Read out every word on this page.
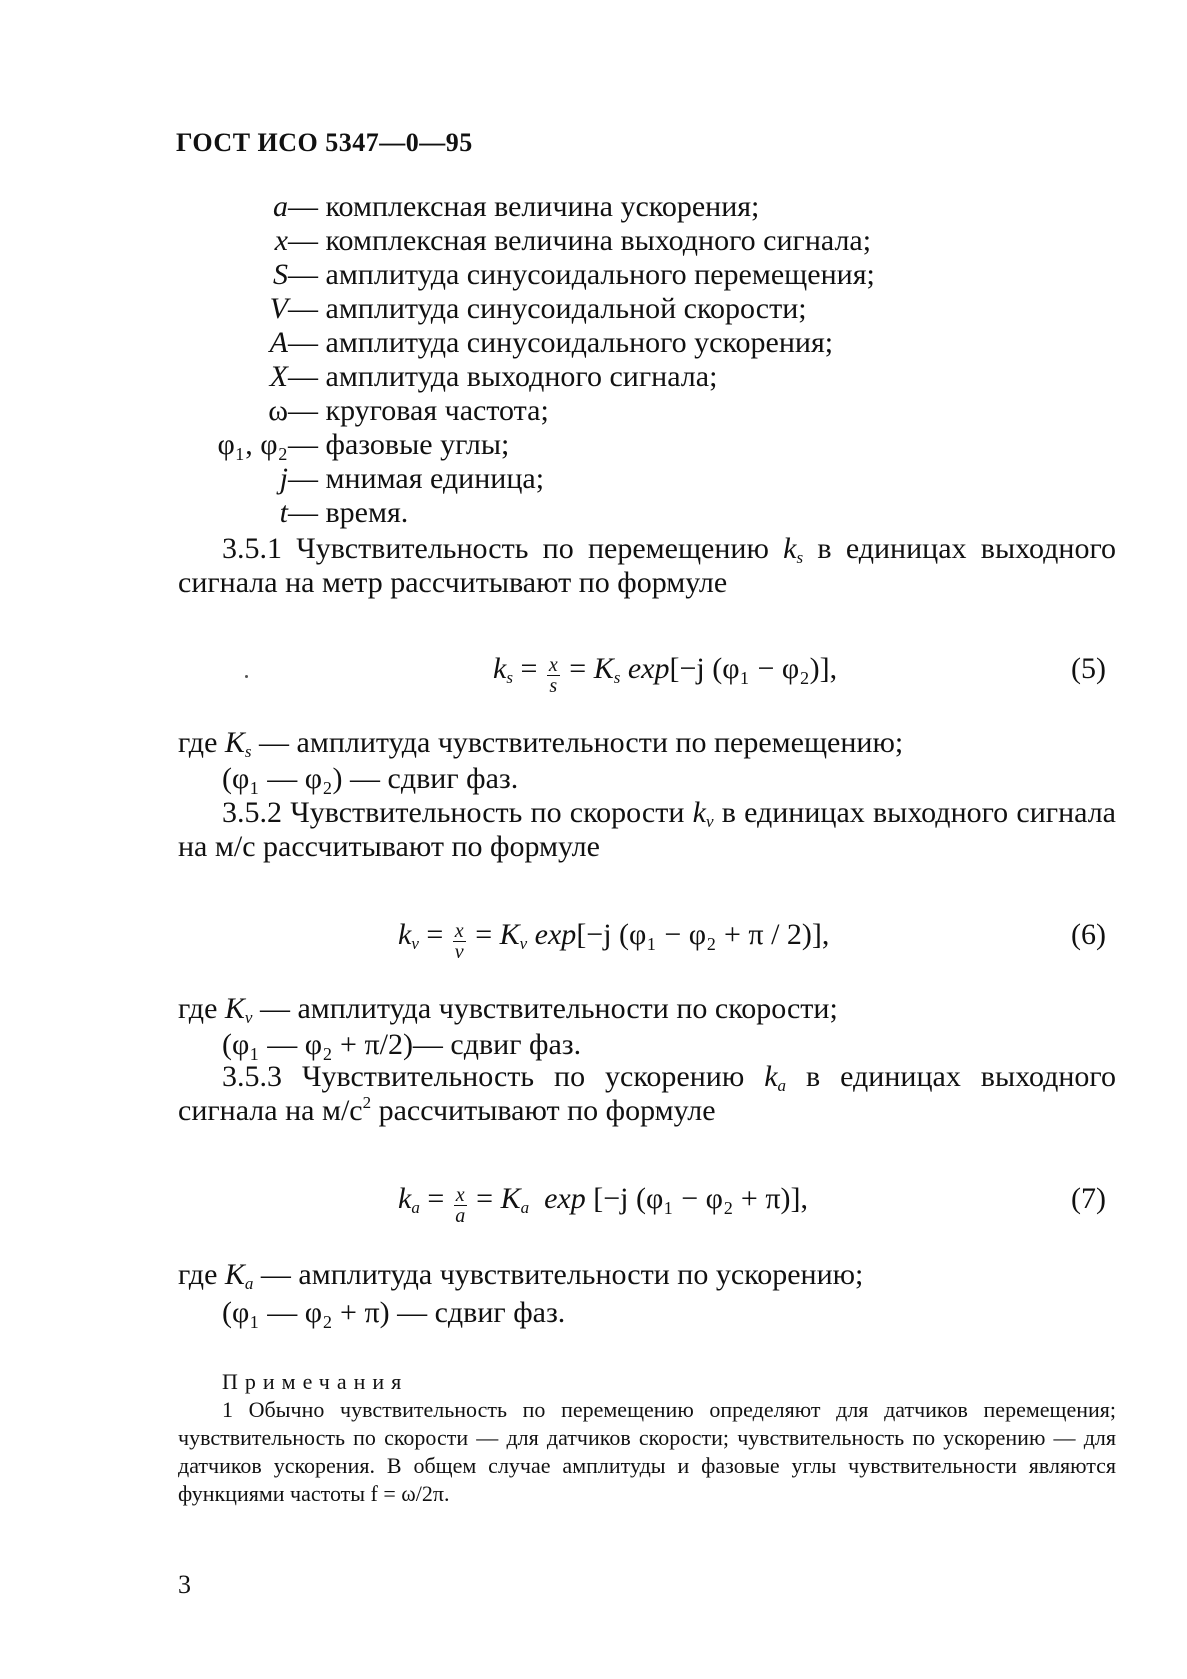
ГОСТ ИСО 5347—0—95
a — комплексная величина ускорения;
x — комплексная величина выходного сигнала;
S — амплитуда синусоидального перемещения;
V — амплитуда синусоидальной скорости;
A — амплитуда синусоидального ускорения;
X — амплитуда выходного сигнала;
ω — круговая частота;
φ₁, φ₂ — фазовые углы;
j — мнимая единица;
t — время.
3.5.1 Чувствительность по перемещению $k_s$ в единицах выходного сигнала на метр рассчитывают по формуле
$k_s = \frac{x}{s} = K_s$ exp[−j (φ₁ − φ₂)],	(5)
где $K_s$ — амплитуда чувствительности по перемещению;
(φ₁ — φ₂) — сдвиг фаз.
3.5.2 Чувствительность по скорости $k_v$ в единицах выходного сигнала на м/с рассчитывают по формуле
$k_v = \frac{x}{v} = K_v$ exp[−j (φ₁ − φ₂ + π / 2)],	(6)
где $K_v$ — амплитуда чувствительности по скорости;
(φ₁ — φ₂ + π/2)— сдвиг фаз.
3.5.3 Чувствительность по ускорению $k_a$ в единицах выходного сигнала на $м/с^2$ рассчитывают по формуле
$k_a = \frac{x}{a} = K_a$ exp [−j (φ₁ − φ₂ + π)],	(7)
где $K_a$ — амплитуда чувствительности по ускорению;
(φ₁ — φ₂ + π) — сдвиг фаз.
Примечания
1 Обычно чувствительность по перемещению определяют для датчиков перемещения; чувствительность по скорости — для датчиков скорости; чувствительность по ускорению — для датчиков ускорения. В общем случае амплитуды и фазовые углы чувствительности являются функциями частоты f = ω/2π.
3
